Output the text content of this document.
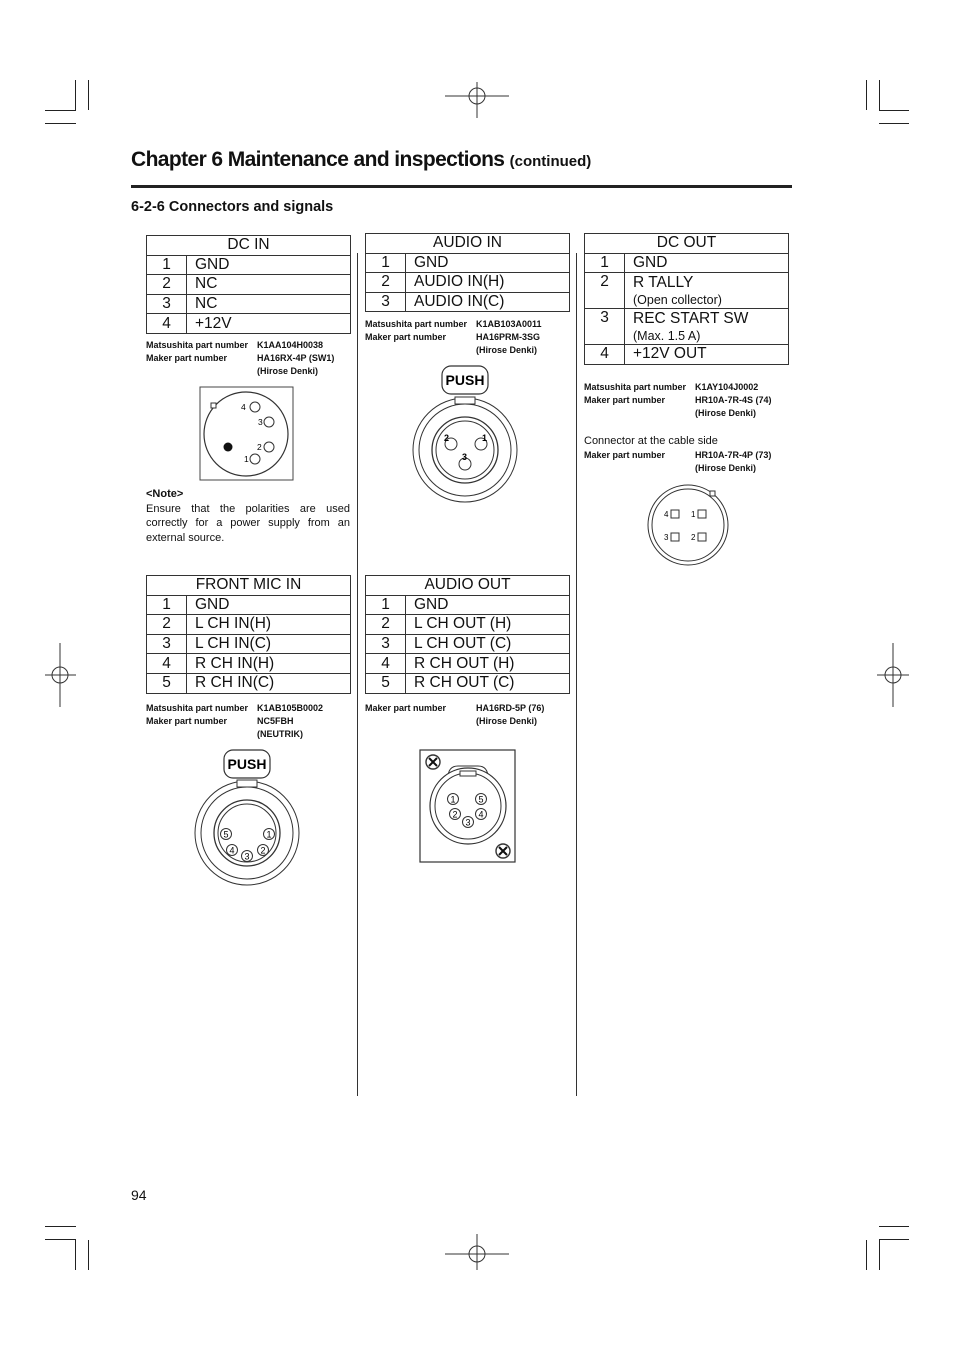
Chapter 6 Maintenance and inspections (continued)
6-2-6 Connectors and signals
DC IN	
1	GND
2	NC
3	NC
4	+12V
Matsushita part number K1AA104H0038
Maker part number	HA16RX-4P (SW1)
(Hirose Denki)
4
3
2
1
<Note>

Ensure that the polarities are used correctly for a power supply from an external source.

AUDIO IN	
1	GND
2	AUDIO IN(H)
3	AUDIO IN(C)
Matsushita part number K1AB103A0011
Maker part number	HA16PRM-3SG
(Hirose Denki)
PUSH
2	1
3
DC OUT	
1	GND
2	R TALLY
(Open collector)

3	REC START SW
(Max. 1.5 A)

4	+12V OUT
Matsushita part number K1AY104J0002
Maker part number	HR10A-7R-4S (74)
(Hirose Denki)
Connector at the cable side
Maker part number	HR10A-7R-4P (73)
(Hirose Denki)
4	1
3	2
FRONT MIC IN	
1	GND
2	L CH IN(H)
3	L CH IN(C)
4	R CH IN(H)
5	R CH IN(C)
Matsushita part number K1AB105B0002
Maker part number	NC5FBH
(NEUTRIK)
PUSH
5	1
4	2
3
AUDIO OUT	
1	GND
2	L CH OUT (H)
3	L CH OUT (C)
4	R CH OUT (H)
5	R CH OUT (C)
Maker part number	HA16RD-5P (76)
(Hirose Denki)
1	5
2 4
3
94
